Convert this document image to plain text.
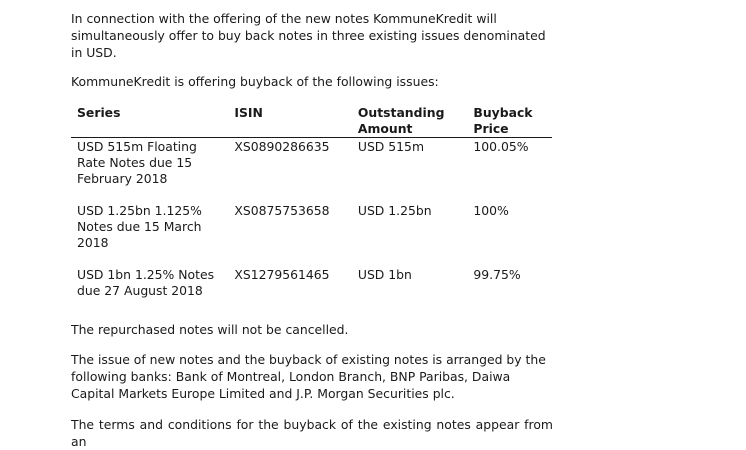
In connection with the offering of the new notes KommuneKredit will simultaneously offer to buy back notes in three existing issues denominated in USD.

KommuneKredit is offering buyback of the following issues:

Series	ISIN	Outstanding Amount	Buyback Price
USD 515m Floating Rate Notes due 15 February 2018	XS0890286635	USD 515m	100.05%
USD 1.25bn 1.125% Notes due 15 March 2018	XS0875753658	USD 1.25bn	100%
USD 1bn 1.25% Notes due 27 August 2018	XS1279561465	USD 1bn	99.75%

The repurchased notes will not be cancelled.

The issue of new notes and the buyback of existing notes is arranged by the following banks: Bank of Montreal, London Branch, BNP Paribas, Daiwa Capital Markets Europe Limited and J.P. Morgan Securities plc.

The terms and conditions for the buyback of the existing notes appear from an
